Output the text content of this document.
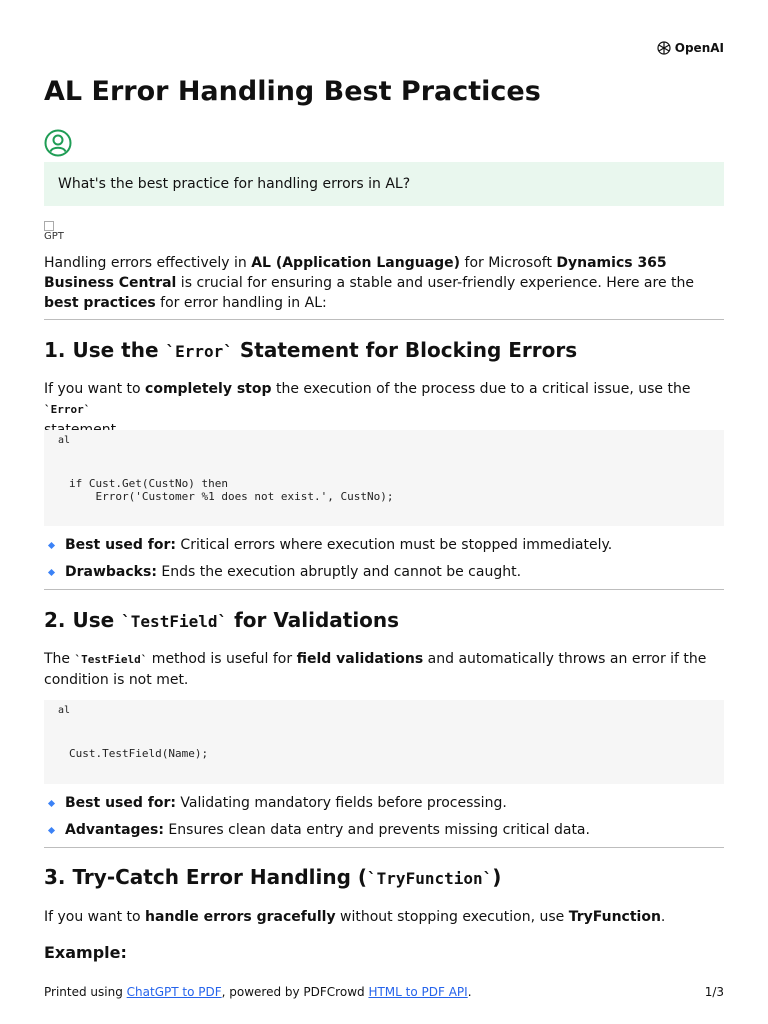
OpenAI
AL Error Handling Best Practices
What's the best practice for handling errors in AL?
GPT

Handling errors effectively in AL (Application Language) for Microsoft Dynamics 365 Business Central is crucial for ensuring a stable and user-friendly experience. Here are the best practices for error handling in AL:

1. Use the `Error` Statement for Blocking Errors

If you want to completely stop the execution of the process due to a critical issue, use the `Error`

al
if Cust.Get(CustNo) then
Error('Customer %1 does not exist.', CustNo);
Best used for: Critical errors where execution must be stopped immediately.
Drawbacks: Ends the execution abruptly and cannot be caught.
2. Use `TestField` for Validations

The `TestField` method is useful for field validations and automatically throws an error if the condition is not met.

al
Cust.TestField(Name);
Best used for: Validating mandatory fields before processing.
Advantages: Ensures clean data entry and prevents missing critical data.
3. Try-Catch Error Handling (`TryFunction`)

If you want to handle errors gracefully without stopping execution, use TryFunction.

Example:

Printed using ChatGPT to PDF, powered by PDFCrowd HTML to PDF API.	1/3
